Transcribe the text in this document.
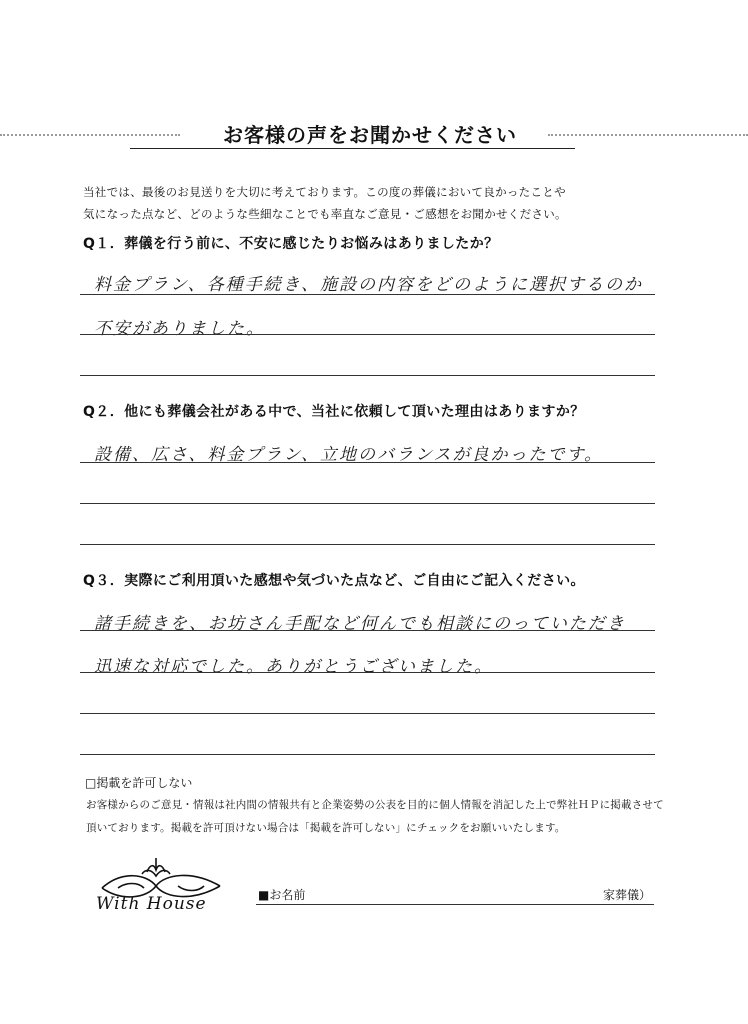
お客様の声をお聞かせください
当社では、最後のお見送りを大切に考えております。この度の葬儀において良かったことや
気になった点など、どのような些細なことでも率直なご意見・ご感想をお聞かせください。
Q１．葬儀を行う前に、不安に感じたりお悩みはありましたか？
料金プラン、各種手続き、施設の内容をどのように選択するのか
不安がありました。
Q２．他にも葬儀会社がある中で、当社に依頼して頂いた理由はありますか？
設備、広さ、料金プラン、立地のバランスが良かったです。
Q３．実際にご利用頂いた感想や気づいた点など、ご自由にご記入ください。
諸手続きを、お坊さん手配など何んでも相談にのっていただき
迅速な対応でした。ありがとうございました。
□掲載を許可しない
お客様からのご意見・情報は社内間の情報共有と企業姿勢の公表を目的に個人情報を消記した上で弊社ＨＰに掲載させて
頂いております。掲載を許可頂けない場合は「掲載を許可しない」にチェックをお願いいたします。
With House	■お名前	家葬儀）
